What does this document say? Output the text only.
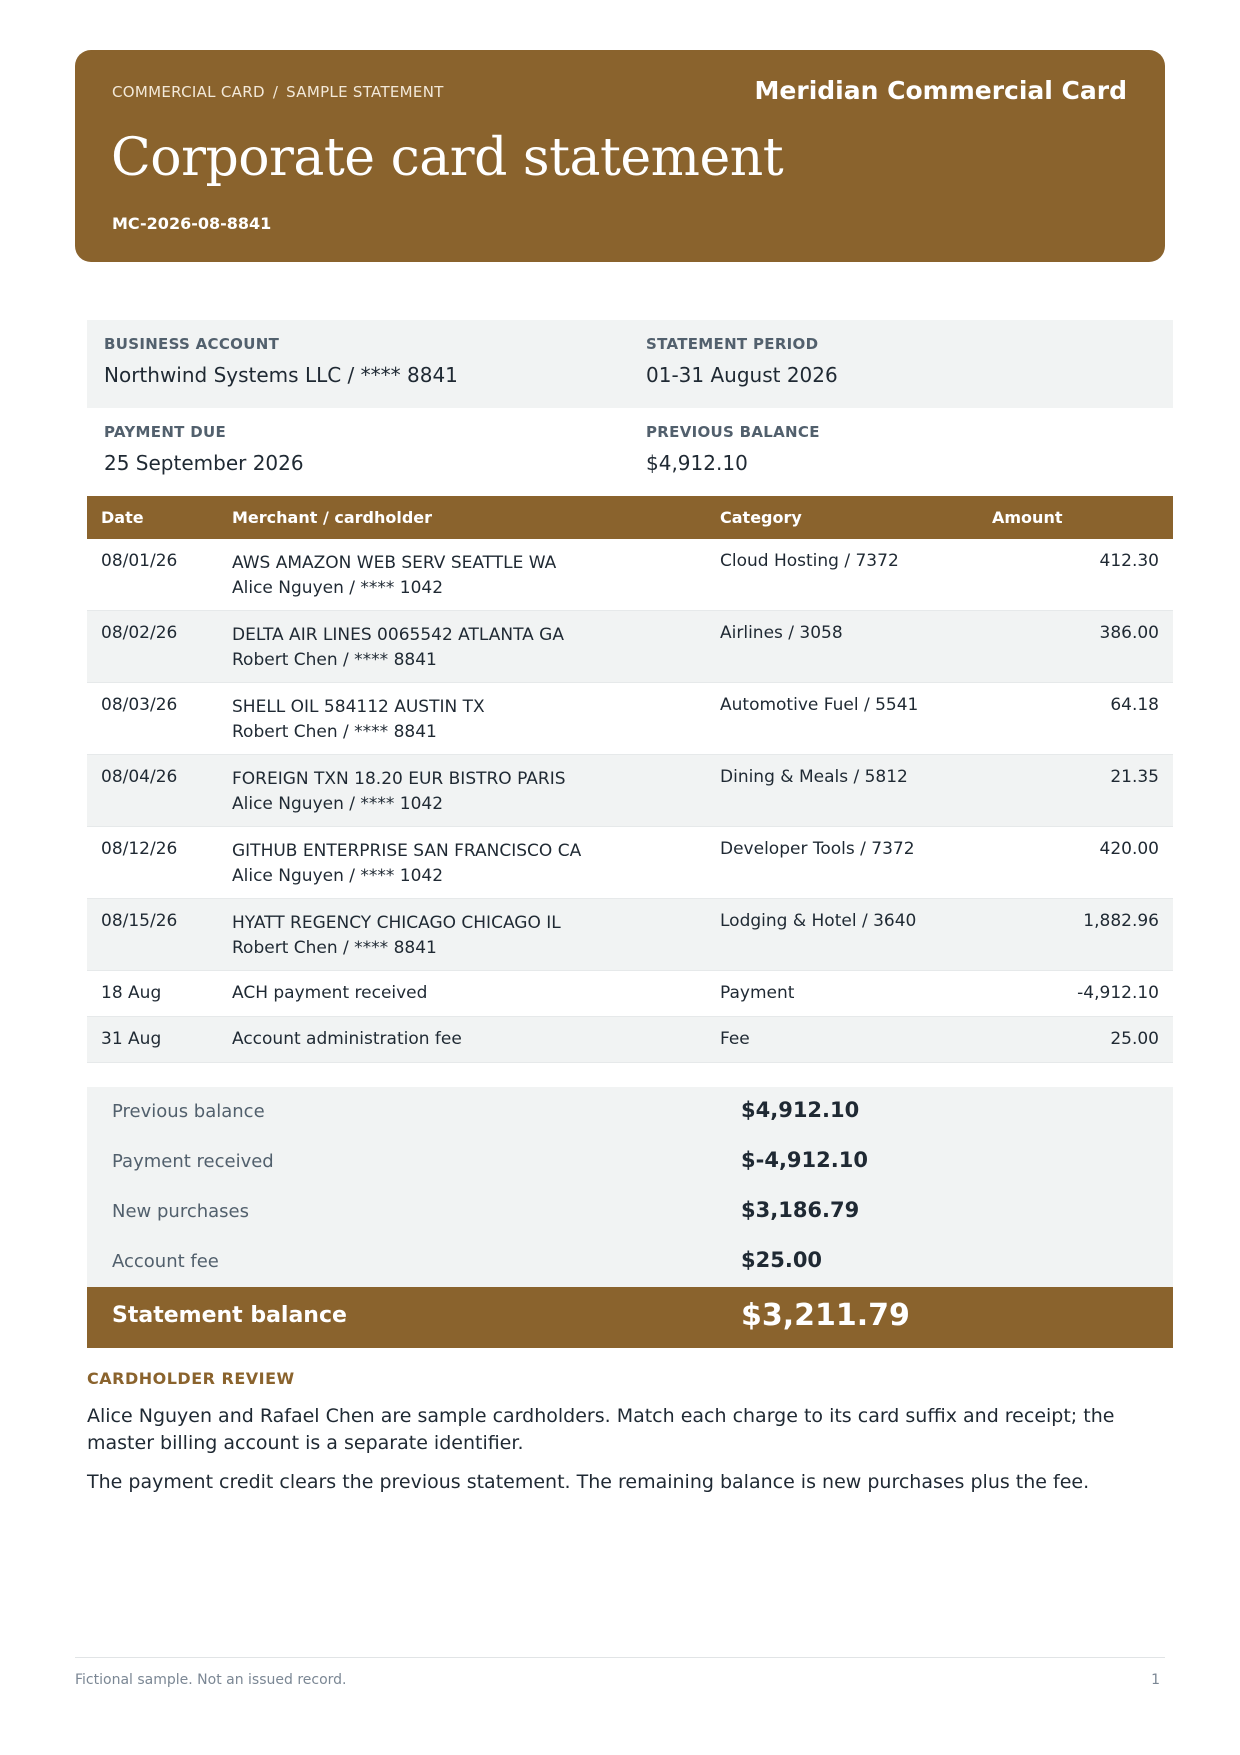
COMMERCIAL CARD / SAMPLE STATEMENT	Meridian Commercial Card
Corporate card statement
MC-2026-08-8841
BUSINESS ACCOUNT
Northwind Systems LLC / **** 8841
STATEMENT PERIOD
01-31 August 2026
PAYMENT DUE
25 September 2026
PREVIOUS BALANCE
$4,912.10
Date	Merchant / cardholder	Category	Amount
08/01/26	AWS AMAZON WEB SERV SEATTLE WA
Alice Nguyen / **** 1042
Cloud Hosting / 7372	412.30
08/02/26	DELTA AIR LINES 0065542 ATLANTA GA
Robert Chen / **** 8841
Airlines / 3058	386.00
08/03/26	SHELL OIL 584112 AUSTIN TX
Robert Chen / **** 8841
Automotive Fuel / 5541	64.18
08/04/26	FOREIGN TXN 18.20 EUR BISTRO PARIS
Alice Nguyen / **** 1042
Dining & Meals / 5812	21.35
08/12/26	GITHUB ENTERPRISE SAN FRANCISCO CA
Alice Nguyen / **** 1042
Developer Tools / 7372	420.00
08/15/26	HYATT REGENCY CHICAGO CHICAGO IL
Robert Chen / **** 8841
Lodging & Hotel / 3640	1,882.96
18 Aug	ACH payment received	Payment	-4,912.10
31 Aug	Account administration fee	Fee	25.00
Previous balance	$4,912.10
Payment received	$-4,912.10
New purchases	$3,186.79
Account fee	$25.00
Statement balance	$3,211.79
CARDHOLDER REVIEW
Alice Nguyen and Rafael Chen are sample cardholders. Match each charge to its card suffix and receipt; the master billing account is a separate identifier.
The payment credit clears the previous statement. The remaining balance is new purchases plus the fee.
Fictional sample. Not an issued record.	1
